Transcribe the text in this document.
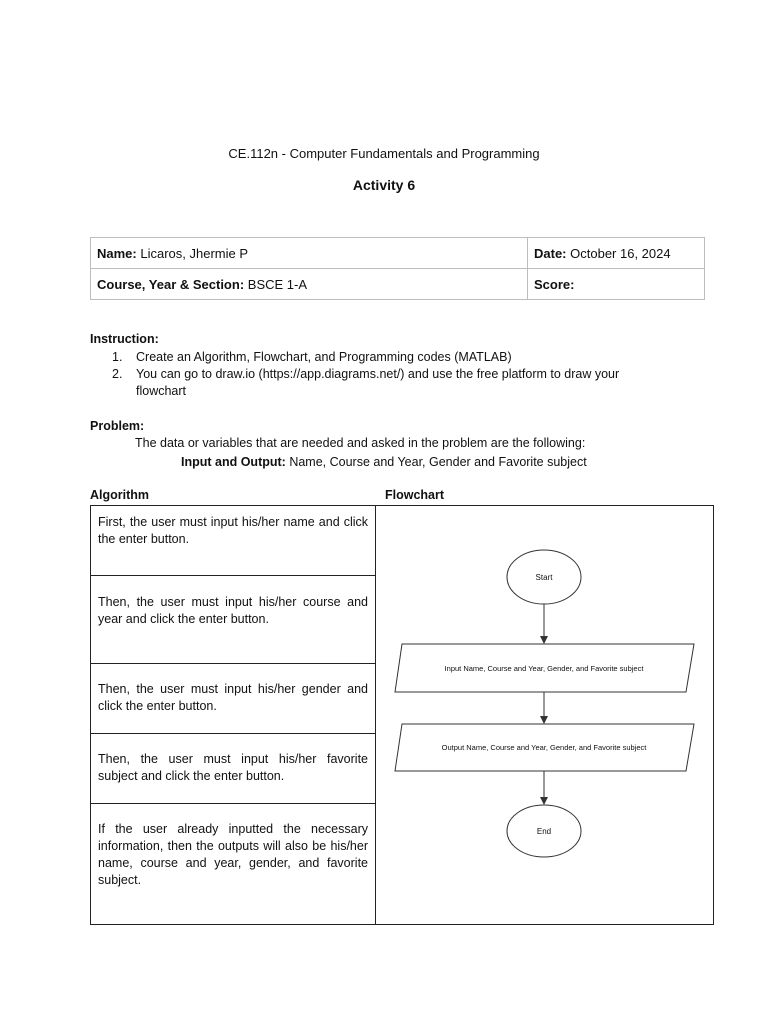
CE.112n - Computer Fundamentals and Programming
Activity 6
Name: Licaros, Jhermie P	Date: October 16, 2024
Course, Year & Section: BSCE 1-A	Score:
Instruction:
1. Create an Algorithm, Flowchart, and Programming codes (MATLAB)
2. You can go to draw.io (https://app.diagrams.net/) and use the free platform to draw your flowchart
Problem:
The data or variables that are needed and asked in the problem are the following:
Input and Output: Name, Course and Year, Gender and Favorite subject
Algorithm	Flowchart
First, the user must input his/her name and click the enter button.
Then, the user must input his/her course and year and click the enter button.
Then, the user must input his/her gender and click the enter button.
Then, the user must input his/her favorite subject and click the enter button.
If the user already inputted the necessary information, then the outputs will also be his/her name, course and year, gender, and favorite subject.
Start
Input Name, Course and Year, Gender, and Favorite subject
Output Name, Course and Year, Gender, and Favorite subject
End
